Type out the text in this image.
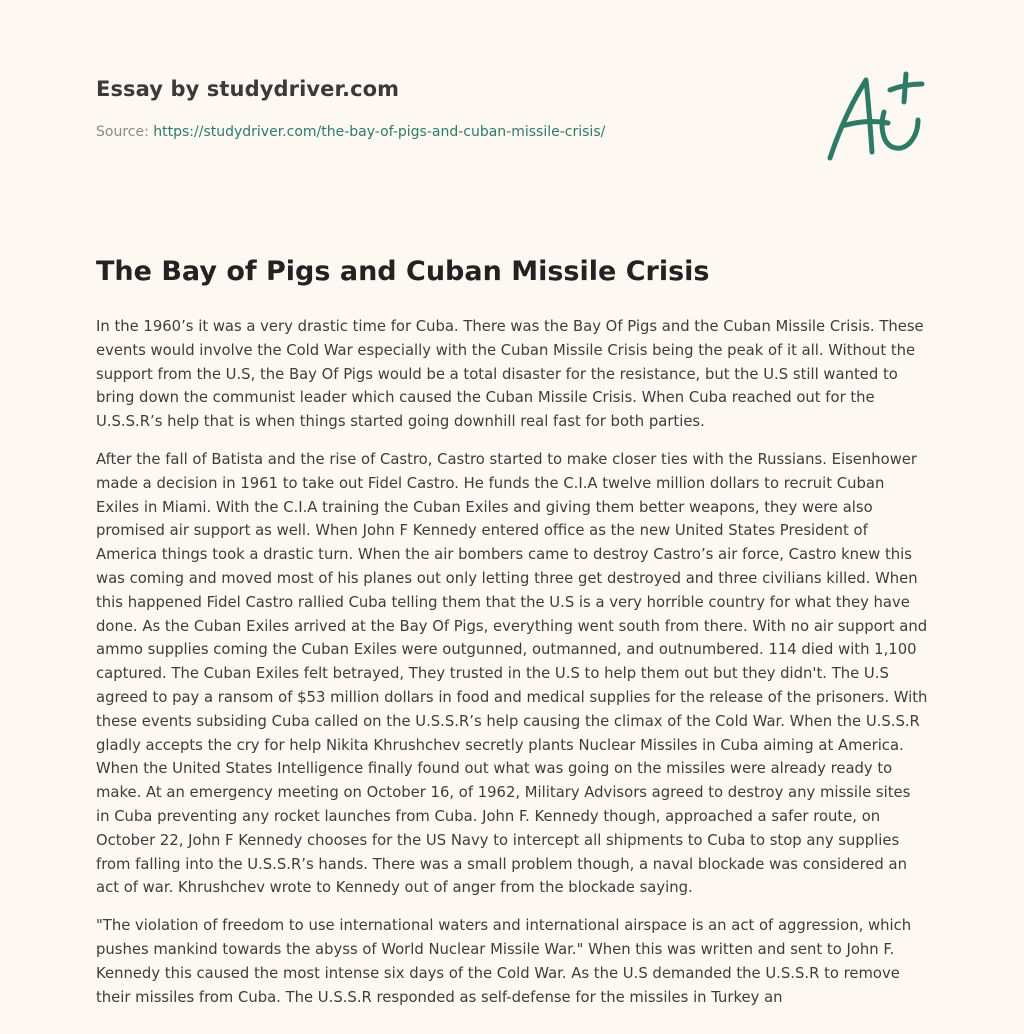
Essay by studydriver.com
Source: https://studydriver.com/the-bay-of-pigs-and-cuban-missile-crisis/
The Bay of Pigs and Cuban Missile Crisis

In the 1960’s it was a very drastic time for Cuba. There was the Bay Of Pigs and the Cuban Missile Crisis. These events would involve the Cold War especially with the Cuban Missile Crisis being the peak of it all. Without the support from the U.S, the Bay Of Pigs would be a total disaster for the resistance, but the U.S still wanted to bring down the communist leader which caused the Cuban Missile Crisis. When Cuba reached out for the U.S.S.R’s help that is when things started going downhill real fast for both parties.

After the fall of Batista and the rise of Castro, Castro started to make closer ties with the Russians. Eisenhower made a decision in 1961 to take out Fidel Castro. He funds the C.I.A twelve million dollars to recruit Cuban Exiles in Miami. With the C.I.A training the Cuban Exiles and giving them better weapons, they were also promised air support as well. When John F Kennedy entered office as the new United States President of America things took a drastic turn. When the air bombers came to destroy Castro’s air force, Castro knew this was coming and moved most of his planes out only letting three get destroyed and three civilians killed. When this happened Fidel Castro rallied Cuba telling them that the U.S is a very horrible country for what they have done. As the Cuban Exiles arrived at the Bay Of Pigs, everything went south from there. With no air support and ammo supplies coming the Cuban Exiles were outgunned, outmanned, and outnumbered. 114 died with 1,100 captured. The Cuban Exiles felt betrayed, They trusted in the U.S to help them out but they didn't. The U.S agreed to pay a ransom of $53 million dollars in food and medical supplies for the release of the prisoners. With these events subsiding Cuba called on the U.S.S.R’s help causing the climax of the Cold War. When the U.S.S.R gladly accepts the cry for help Nikita Khrushchev secretly plants Nuclear Missiles in Cuba aiming at America. When the United States Intelligence finally found out what was going on the missiles were already ready to make. At an emergency meeting on October 16, of 1962, Military Advisors agreed to destroy any missile sites in Cuba preventing any rocket launches from Cuba. John F. Kennedy though, approached a safer route, on October 22, John F Kennedy chooses for the US Navy to intercept all shipments to Cuba to stop any supplies from falling into the U.S.S.R’s hands. There was a small problem though, a naval blockade was considered an act of war. Khrushchev wrote to Kennedy out of anger from the blockade saying.

"The violation of freedom to use international waters and international airspace is an act of aggression, which pushes mankind towards the abyss of World Nuclear Missile War." When this was written and sent to John F. Kennedy this caused the most intense six days of the Cold War. As the U.S demanded the U.S.S.R to remove their missiles from Cuba. The U.S.S.R responded as self-defense for the missiles in Turkey an
